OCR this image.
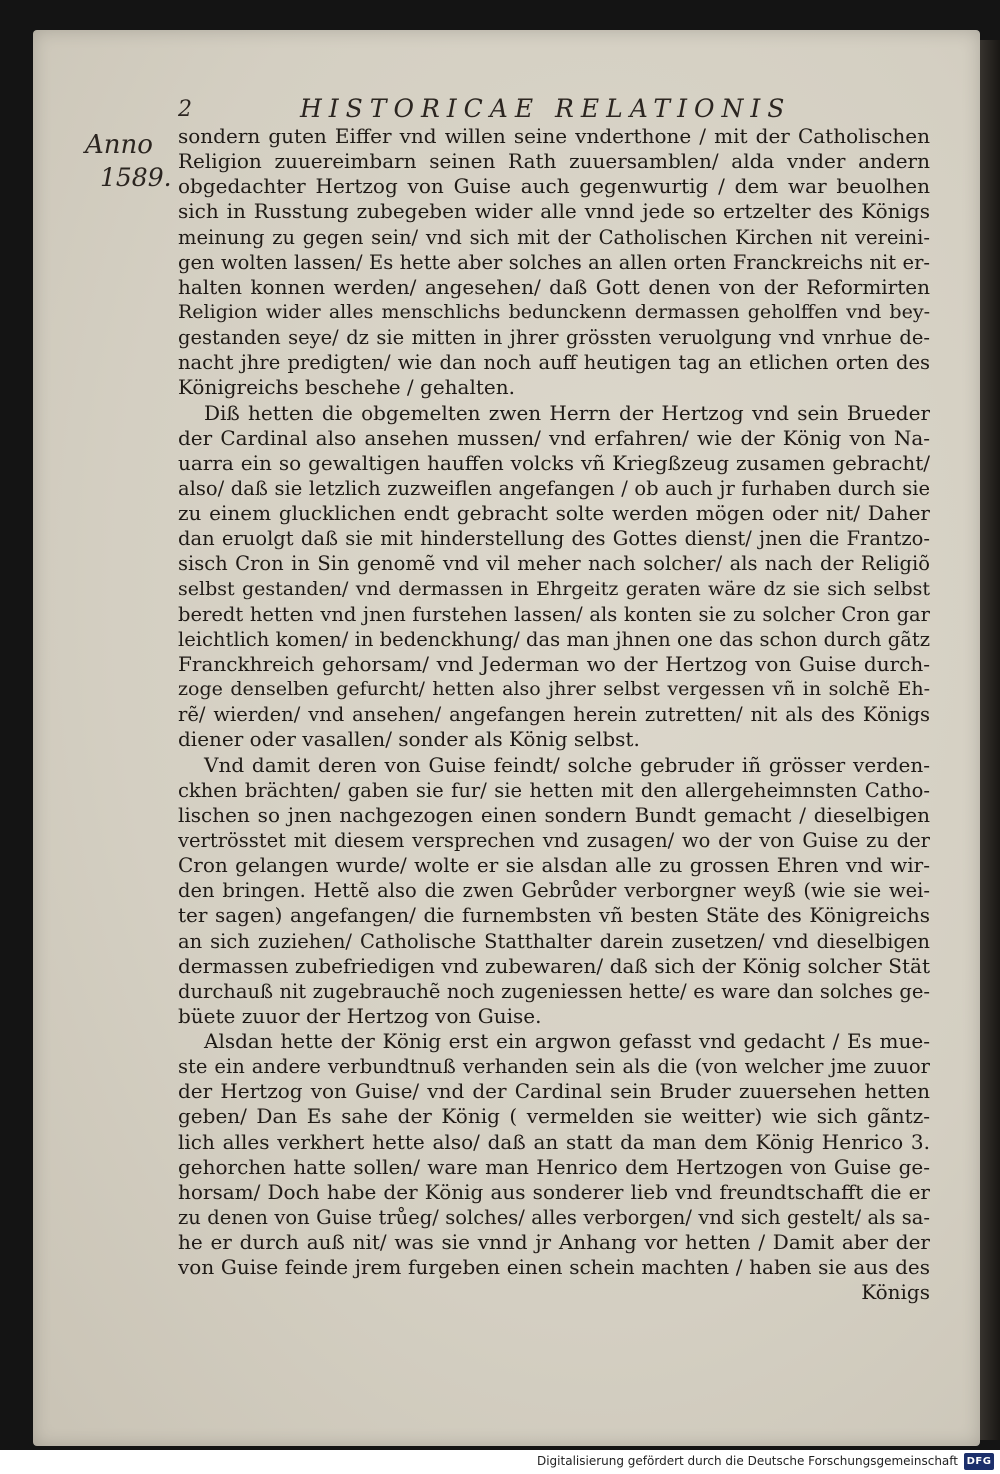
2	HISTORICAE RELATIONIS
Anno
1589.
sondern guten Eiffer vnd willen seine vnderthone / mit der Catholischen
Religion zuuereimbarn seinen Rath zuuersamblen/ alda vnder andern
obgedachter Hertzog von Guise auch gegenwurtig / dem war beuolhen
sich in Russtung zubegeben wider alle vnnd jede so ertzelter des Königs
meinung zu gegen sein/ vnd sich mit der Catholischen Kirchen nit vereini-
gen wolten lassen/ Es hette aber solches an allen orten Franckreichs nit er-
halten konnen werden/ angesehen/ daß Gott denen von der Reformirten
Religion wider alles menschlichs bedunckenn dermassen geholffen vnd bey-
gestanden seye/ dz sie mitten in jhrer grössten veruolgung vnd vnrhue de-
nacht jhre predigten/ wie dan noch auff heutigen tag an etlichen orten des
Königreichs beschehe / gehalten.
Diß hetten die obgemelten zwen Herrn der Hertzog vnd sein Brueder
der Cardinal also ansehen mussen/ vnd erfahren/ wie der König von Na-
uarra ein so gewaltigen hauffen volcks vñ Kriegßzeug zusamen gebracht/
also/ daß sie letzlich zuzweiflen angefangen / ob auch jr furhaben durch sie
zu einem glucklichen endt gebracht solte werden mögen oder nit/ Daher
dan eruolgt daß sie mit hinderstellung des Gottes dienst/ jnen die Frantzo-
sisch Cron in Sin genomẽ vnd vil meher nach solcher/ als nach der Religiõ
selbst gestanden/ vnd dermassen in Ehrgeitz geraten wäre dz sie sich selbst
beredt hetten vnd jnen furstehen lassen/ als konten sie zu solcher Cron gar
leichtlich komen/ in bedenckhung/ das man jhnen one das schon durch gãtz
Franckhreich gehorsam/ vnd Jederman wo der Hertzog von Guise durch-
zoge denselben gefurcht/ hetten also jhrer selbst vergessen vñ in solchẽ Eh-
rẽ/ wierden/ vnd ansehen/ angefangen herein zutretten/ nit als des Königs
diener oder vasallen/ sonder als König selbst.
Vnd damit deren von Guise feindt/ solche gebruder iñ grösser verden-
ckhen brächten/ gaben sie fur/ sie hetten mit den allergeheimnsten Catho-
lischen so jnen nachgezogen einen sondern Bundt gemacht / dieselbigen
vertrösstet mit diesem versprechen vnd zusagen/ wo der von Guise zu der
Cron gelangen wurde/ wolte er sie alsdan alle zu grossen Ehren vnd wir-
den bringen. Hettẽ also die zwen Gebrůder verborgner weyß (wie sie wei-
ter sagen) angefangen/ die furnembsten vñ besten Stäte des Königreichs
an sich zuziehen/ Catholische Statthalter darein zusetzen/ vnd dieselbigen
dermassen zubefriedigen vnd zubewaren/ daß sich der König solcher Stät
durchauß nit zugebrauchẽ noch zugeniessen hette/ es ware dan solches ge-
büete zuuor der Hertzog von Guise.
Alsdan hette der König erst ein argwon gefasst vnd gedacht / Es mue-
ste ein andere verbundtnuß verhanden sein als die (von welcher jme zuuor
der Hertzog von Guise/ vnd der Cardinal sein Bruder zuuersehen hetten
geben/ Dan Es sahe der König ( vermelden sie weitter) wie sich gãntz-
lich alles verkhert hette also/ daß an statt da man dem König Henrico 3.
gehorchen hatte sollen/ ware man Henrico dem Hertzogen von Guise ge-
horsam/ Doch habe der König aus sonderer lieb vnd freundtschafft die er
zu denen von Guise trůeg/ solches/ alles verborgen/ vnd sich gestelt/ als sa-
he er durch auß nit/ was sie vnnd jr Anhang vor hetten / Damit aber der
von Guise feinde jrem furgeben einen schein machten / haben sie aus des
Königs
Digitalisierung gefördert durch die Deutsche Forschungsgemeinschaft DFG
